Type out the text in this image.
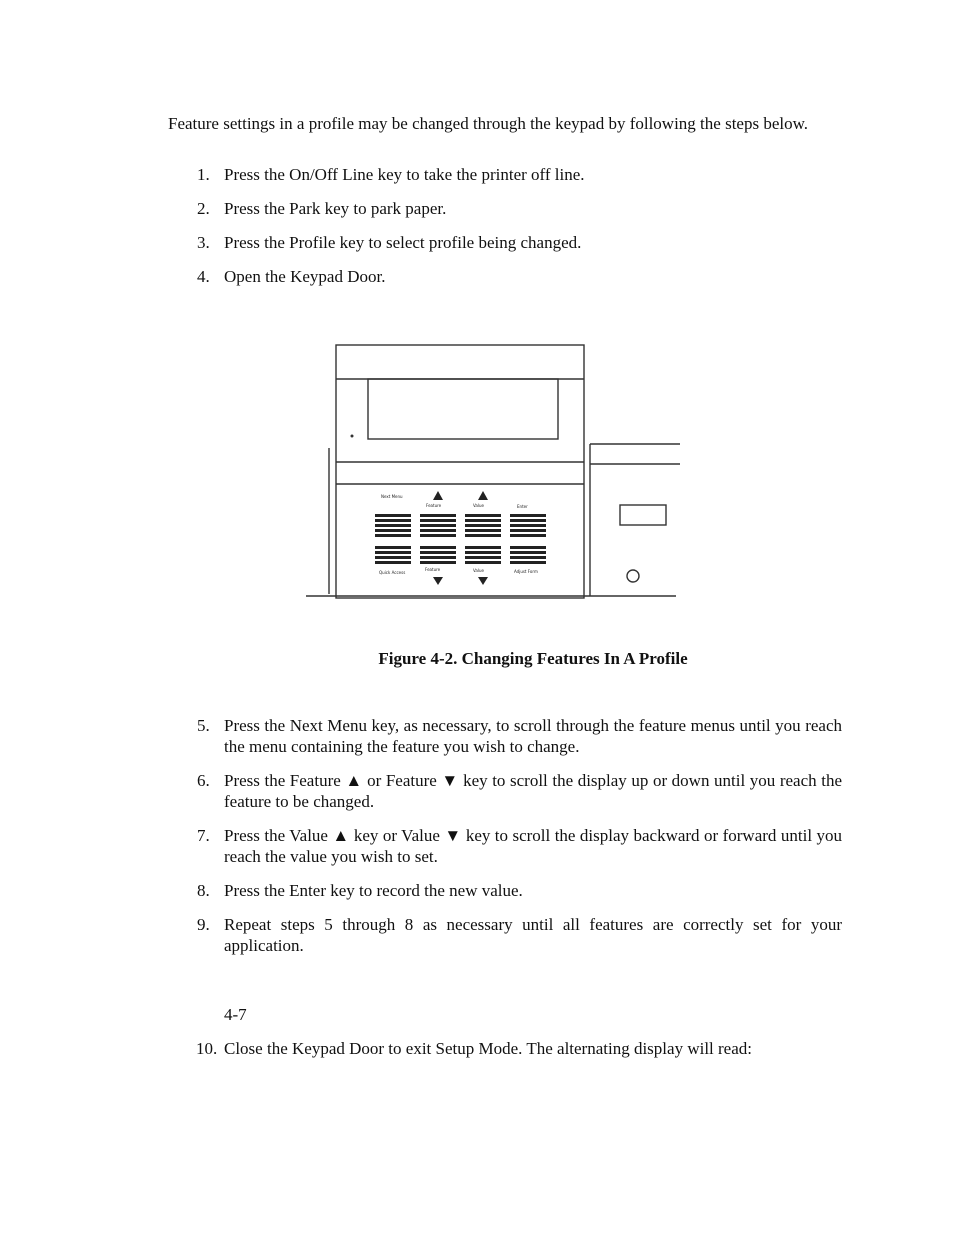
Feature settings in a profile may be changed through the keypad by following the steps below.

1. Press the On/Off Line key to take the printer off line.
2. Press the Park key to park paper.
3. Press the Profile key to select profile being changed.
4. Open the Keypad Door.
Next Menu
Feature	Value	Enter
Quick Access
Feature	Value	Adjust Form

Figure 4-2. Changing Features In A Profile

5. Press the Next Menu key, as necessary, to scroll through the feature menus until you reach the menu containing the feature you wish to change.
6. Press the Feature ▲ or Feature ▼ key to scroll the display up or down until you reach the feature to be changed.
7. Press the Value ▲ key or Value ▼ key to scroll the display backward or forward until you reach the value you wish to set.
8. Press the Enter key to record the new value.
9. Repeat steps 5 through 8 as necessary until all features are correctly set for your application.

4-7

10. Close the Keypad Door to exit Setup Mode. The alternating display will read:
